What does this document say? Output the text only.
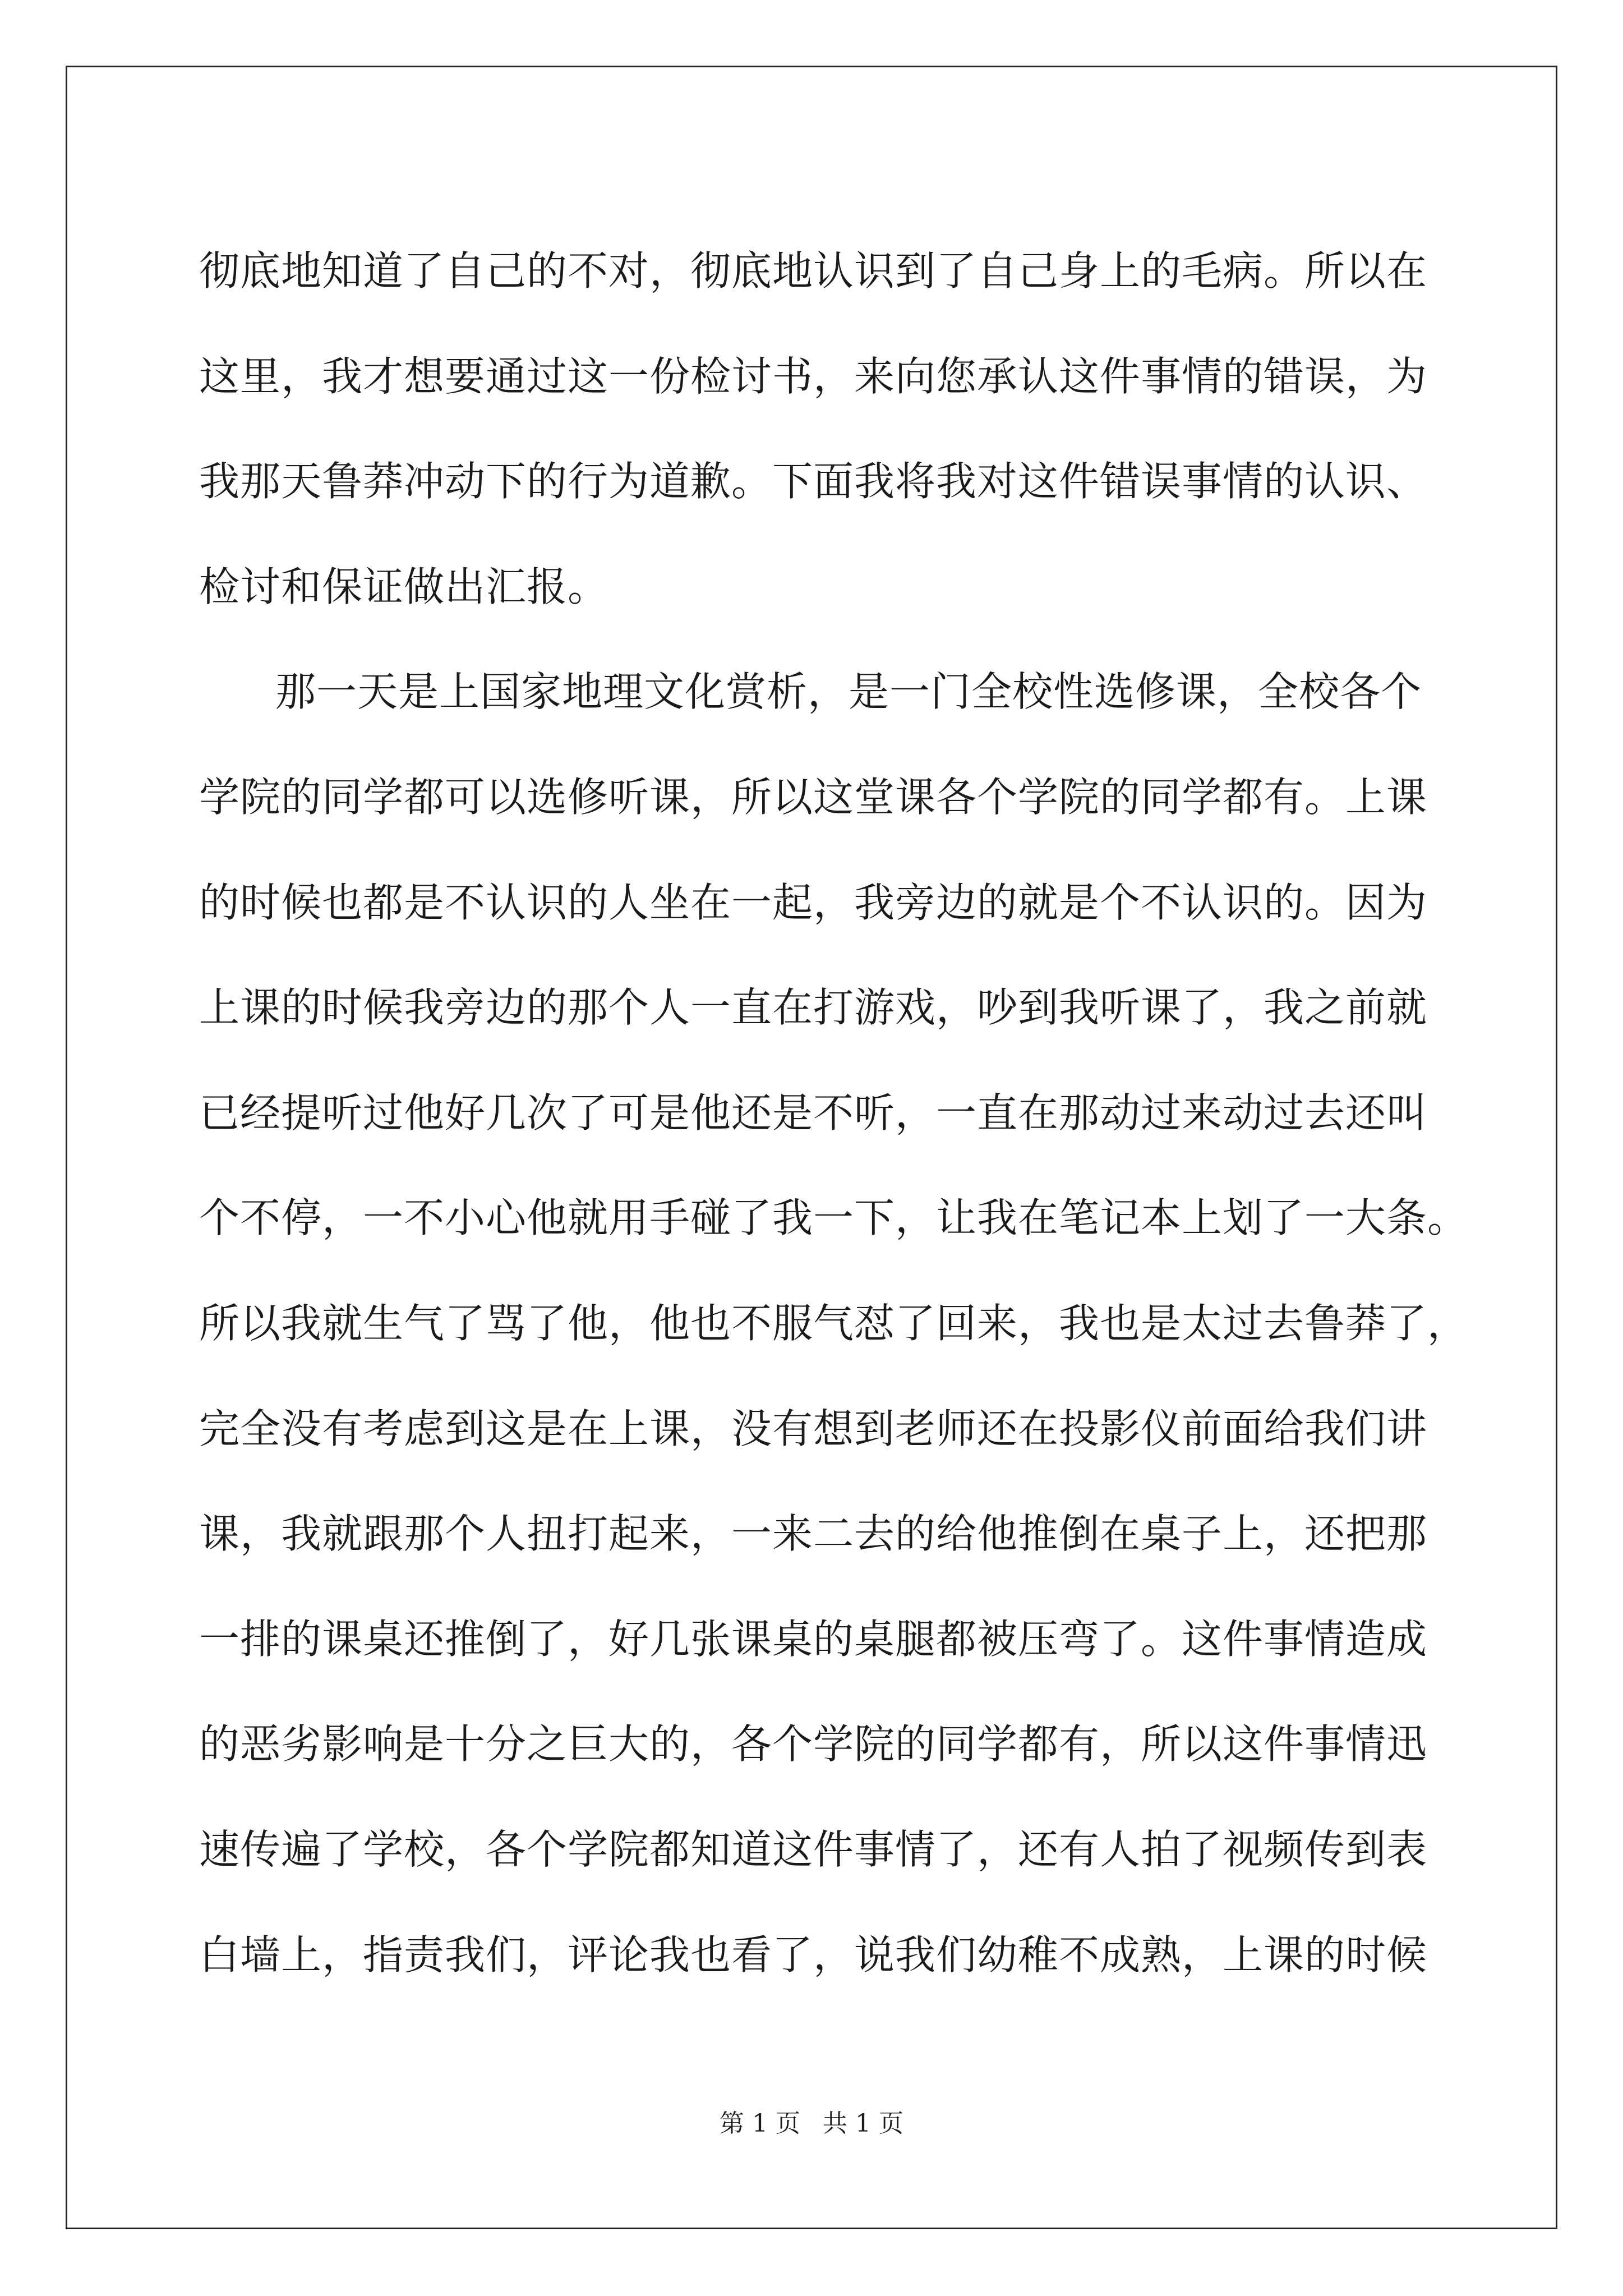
彻底地知道了自己的不对，彻底地认识到了自己身上的毛病。所以在
这里，我才想要通过这一份检讨书，来向您承认这件事情的错误，为
我那天鲁莽冲动下的行为道歉。下面我将我对这件错误事情的认识、
检讨和保证做出汇报。
那一天是上国家地理文化赏析，是一门全校性选修课，全校各个
学院的同学都可以选修听课，所以这堂课各个学院的同学都有。上课
的时候也都是不认识的人坐在一起，我旁边的就是个不认识的。因为
上课的时候我旁边的那个人一直在打游戏，吵到我听课了，我之前就
已经提听过他好几次了可是他还是不听，一直在那动过来动过去还叫
个不停，一不小心他就用手碰了我一下，让我在笔记本上划了一大条。
所以我就生气了骂了他，他也不服气怼了回来，我也是太过去鲁莽了，
完全没有考虑到这是在上课，没有想到老师还在投影仪前面给我们讲
课，我就跟那个人扭打起来，一来二去的给他推倒在桌子上，还把那
一排的课桌还推倒了，好几张课桌的桌腿都被压弯了。这件事情造成
的恶劣影响是十分之巨大的，各个学院的同学都有，所以这件事情迅
速传遍了学校，各个学院都知道这件事情了，还有人拍了视频传到表
白墙上，指责我们，评论我也看了，说我们幼稚不成熟，上课的时候
第 1 页 共 1 页
